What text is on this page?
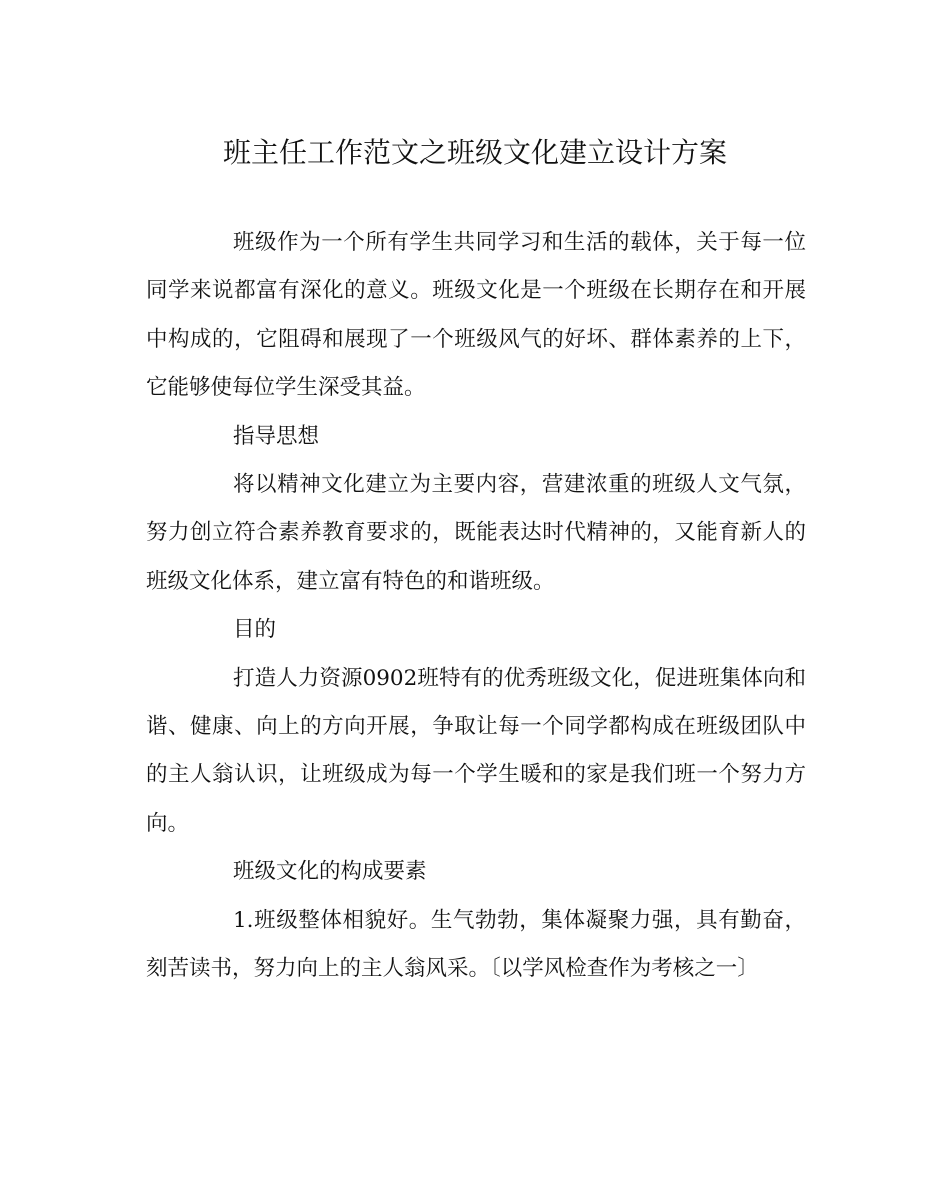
班主任工作范文之班级文化建立设计方案

班级作为一个所有学生共同学习和生活的载体，关于每一位同学来说都富有深化的意义。班级文化是一个班级在长期存在和开展中构成的，它阻碍和展现了一个班级风气的好坏、群体素养的上下，它能够使每位学生深受其益。

指导思想

将以精神文化建立为主要内容，营建浓重的班级人文气氛，努力创立符合素养教育要求的，既能表达时代精神的，又能育新人的班级文化体系，建立富有特色的和谐班级。

目的

打造人力资源0902班特有的优秀班级文化，促进班集体向和谐、健康、向上的方向开展，争取让每一个同学都构成在班级团队中的主人翁认识，让班级成为每一个学生暖和的家是我们班一个努力方向。

班级文化的构成要素

1.班级整体相貌好。生气勃勃，集体凝聚力强，具有勤奋，刻苦读书，努力向上的主人翁风采。〔以学风检查作为考核之一〕
